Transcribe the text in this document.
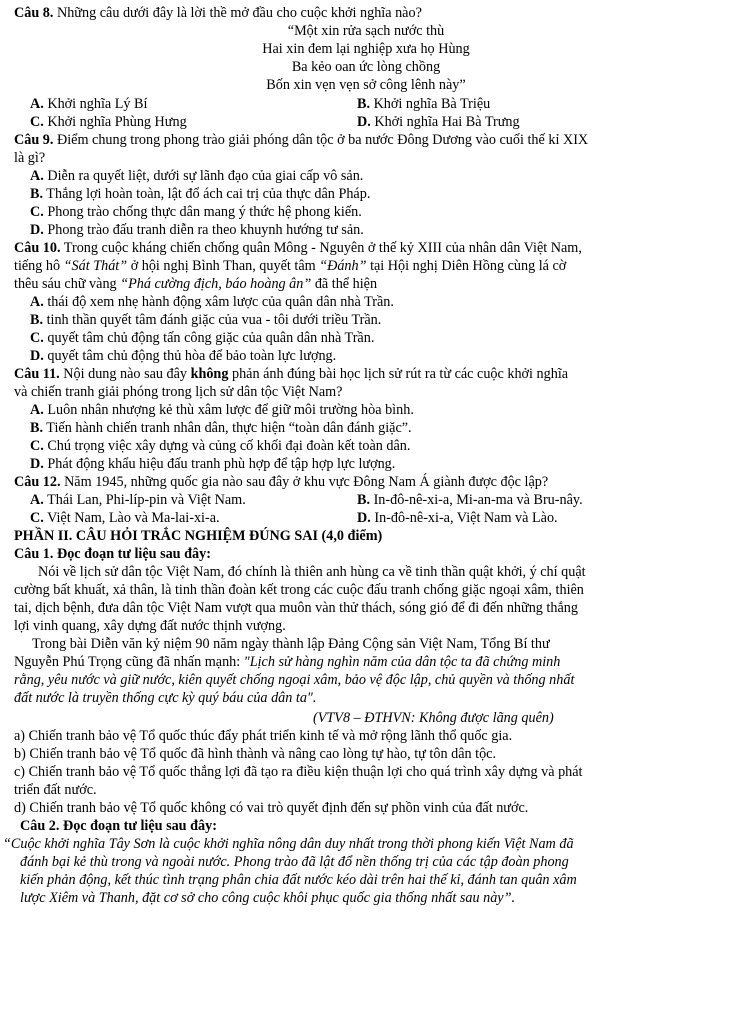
Câu 8. Những câu dưới đây là lời thề mở đầu cho cuộc khởi nghĩa nào?
“Một xin rửa sạch nước thù
Hai xin đem lại nghiệp xưa họ Hùng
Ba kẻo oan ức lòng chồng
Bốn xin vẹn vẹn sở công lênh này”
A. Khởi nghĩa Lý Bí	B. Khởi nghĩa Bà Triệu
C. Khởi nghĩa Phùng Hưng	D. Khởi nghĩa Hai Bà Trưng
Câu 9. Điểm chung trong phong trào giải phóng dân tộc ở ba nước Đông Dương vào cuối thế kỉ XIX
là gì?
A. Diễn ra quyết liệt, dưới sự lãnh đạo của giai cấp vô sản.
B. Thắng lợi hoàn toàn, lật đổ ách cai trị của thực dân Pháp.
C. Phong trào chống thực dân mang ý thức hệ phong kiến.
D. Phong trào đấu tranh diễn ra theo khuynh hướng tư sản.
Câu 10. Trong cuộc kháng chiến chống quân Mông - Nguyên ở thế kỷ XIII của nhân dân Việt Nam,
tiếng hô “Sát Thát” ở hội nghị Bình Than, quyết tâm “Đánh” tại Hội nghị Diên Hồng cùng lá cờ
thêu sáu chữ vàng “Phá cường địch, báo hoàng ân” đã thể hiện
A. thái độ xem nhẹ hành động xâm lược của quân dân nhà Trần.
B. tinh thần quyết tâm đánh giặc của vua - tôi dưới triều Trần.
C. quyết tâm chủ động tấn công giặc của quân dân nhà Trần.
D. quyết tâm chủ động thủ hòa để bảo toàn lực lượng.
Câu 11. Nội dung nào sau đây không phản ánh đúng bài học lịch sử rút ra từ các cuộc khởi nghĩa
và chiến tranh giải phóng trong lịch sử dân tộc Việt Nam?
A. Luôn nhân nhượng kẻ thù xâm lược để giữ môi trường hòa bình.
B. Tiến hành chiến tranh nhân dân, thực hiện “toàn dân đánh giặc”.
C. Chú trọng việc xây dựng và củng cố khối đại đoàn kết toàn dân.
D. Phát động khẩu hiệu đấu tranh phù hợp để tập hợp lực lượng.
Câu 12. Năm 1945, những quốc gia nào sau đây ở khu vực Đông Nam Á giành được độc lập?
A. Thái Lan, Phi-líp-pin và Việt Nam.	B. In-đô-nê-xi-a, Mi-an-ma và Bru-nây.
C. Việt Nam, Lào và Ma-lai-xi-a.	D. In-đô-nê-xi-a, Việt Nam và Lào.
PHẦN II. CÂU HỎI TRẮC NGHIỆM ĐÚNG SAI (4,0 điểm)
Câu 1. Đọc đoạn tư liệu sau đây:
Nói về lịch sử dân tộc Việt Nam, đó chính là thiên anh hùng ca về tinh thần quật khởi, ý chí quật
cường bất khuất, xả thân, là tinh thần đoàn kết trong các cuộc đấu tranh chống giặc ngoại xâm, thiên
tai, dịch bệnh, đưa dân tộc Việt Nam vượt qua muôn vàn thử thách, sóng gió để đi đến những thắng
lợi vinh quang, xây dựng đất nước thịnh vượng.
Trong bài Diễn văn kỷ niệm 90 năm ngày thành lập Đảng Cộng sản Việt Nam, Tổng Bí thư
Nguyễn Phú Trọng cũng đã nhấn mạnh: "Lịch sử hàng nghìn năm của dân tộc ta đã chứng minh
rằng, yêu nước và giữ nước, kiên quyết chống ngoại xâm, bảo vệ độc lập, chủ quyền và thống nhất
đất nước là truyền thống cực kỳ quý báu của dân ta".
(VTV8 – ĐTHVN: Không được lãng quên)
a) Chiến tranh bảo vệ Tổ quốc thúc đẩy phát triển kinh tế và mở rộng lãnh thổ quốc gia.
b) Chiến tranh bảo vệ Tổ quốc đã hình thành và nâng cao lòng tự hào, tự tôn dân tộc.
c) Chiến tranh bảo vệ Tổ quốc thắng lợi đã tạo ra điều kiện thuận lợi cho quá trình xây dựng và phát
triển đất nước.
d) Chiến tranh bảo vệ Tổ quốc không có vai trò quyết định đến sự phồn vinh của đất nước.
Câu 2. Đọc đoạn tư liệu sau đây:
“Cuộc khởi nghĩa Tây Sơn là cuộc khởi nghĩa nông dân duy nhất trong thời phong kiến Việt Nam đã
đánh bại kẻ thù trong và ngoài nước. Phong trào đã lật đổ nền thống trị của các tập đoàn phong
kiến phản động, kết thúc tình trạng phân chia đất nước kéo dài trên hai thế kỉ, đánh tan quân xâm
lược Xiêm và Thanh, đặt cơ sở cho công cuộc khôi phục quốc gia thống nhất sau này”.
